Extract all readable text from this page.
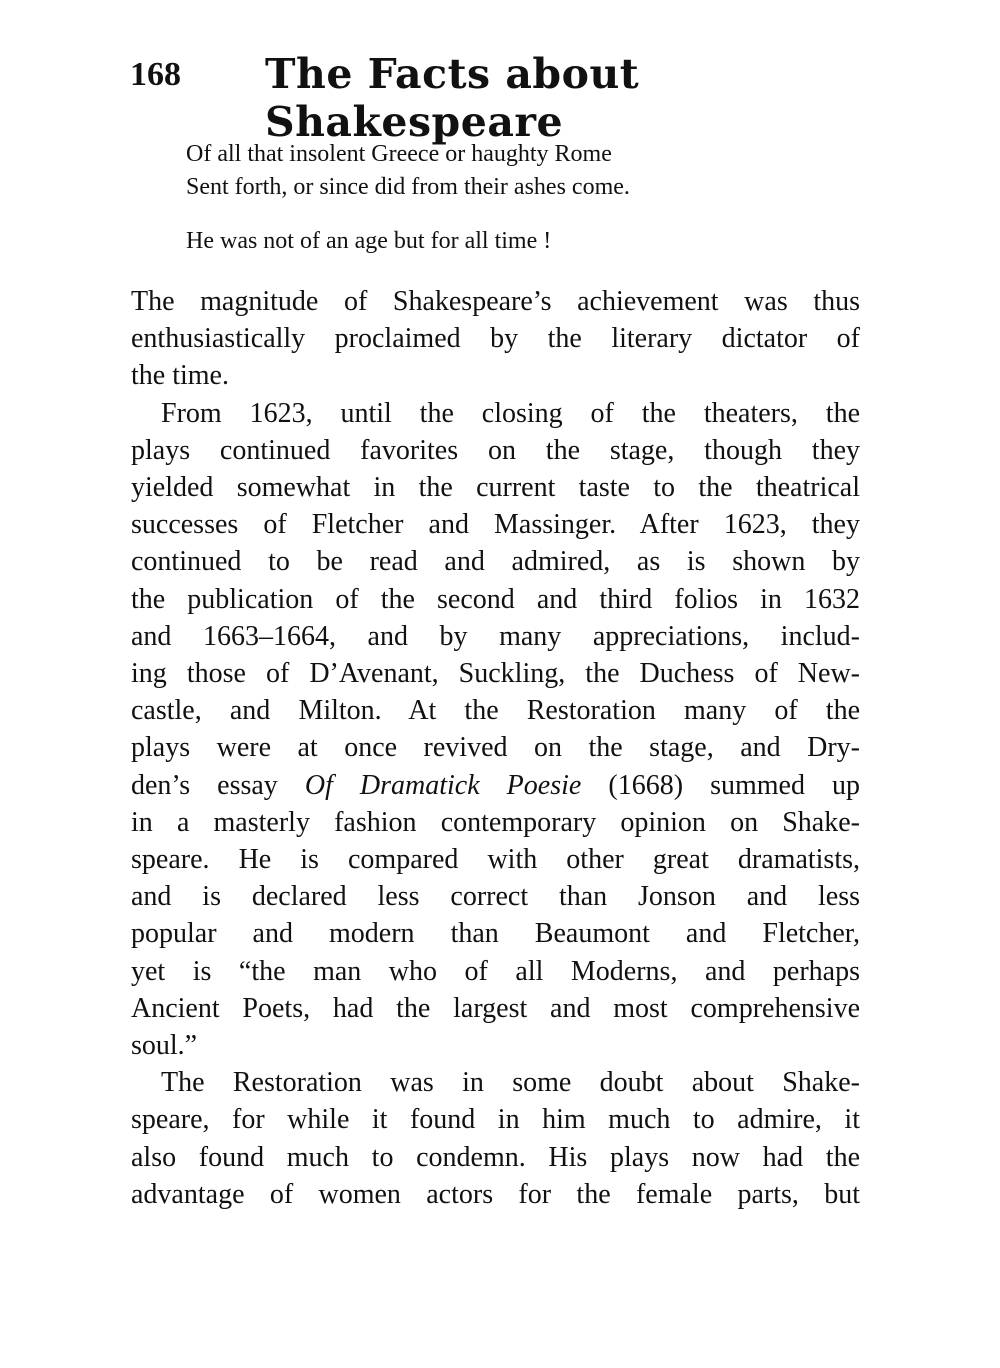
168 The Facts about Shakespeare
Of all that insolent Greece or haughty Rome
Sent forth, or since did from their ashes come.
He was not of an age but for all time !
The magnitude of Shakespeare’s achievement was thus
enthusiastically proclaimed by the literary dictator of
the time.
From 1623, until the closing of the theaters, the
plays continued favorites on the stage, though they
yielded somewhat in the current taste to the theatrical
successes of Fletcher and Massinger. After 1623, they
continued to be read and admired, as is shown by
the publication of the second and third folios in 1632
and 1663–1664, and by many appreciations, includ-
ing those of D’Avenant, Suckling, the Duchess of New-
castle, and Milton. At the Restoration many of the
plays were at once revived on the stage, and Dry-
den’s essay Of Dramatick Poesie (1668) summed up
in a masterly fashion contemporary opinion on Shake-
speare. He is compared with other great dramatists,
and is declared less correct than Jonson and less
popular and modern than Beaumont and Fletcher,
yet is “the man who of all Moderns, and perhaps
Ancient Poets, had the largest and most comprehensive
soul.”
The Restoration was in some doubt about Shake-
speare, for while it found in him much to admire, it
also found much to condemn. His plays now had the
advantage of women actors for the female parts, but
